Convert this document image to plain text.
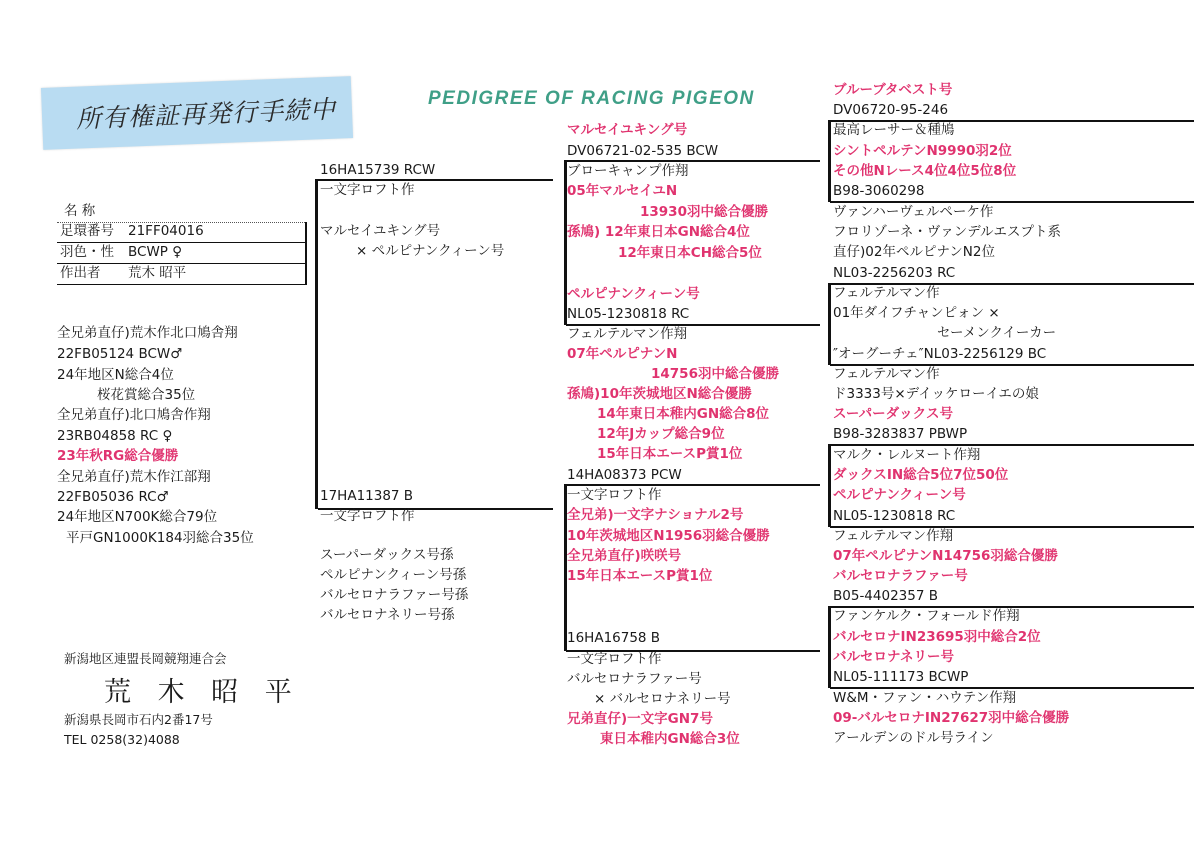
所有権証再発行手続中	PEDIGREE OF RACING PIGEON
名 称
足環番号 21FF04016
羽色・性 BCWP ♀
作出者 荒木 昭平
全兄弟直仔)荒木作北口鳩舎翔
22FB05124 BCW♂
24年地区N総合4位
桜花賞総合35位
全兄弟直仔)北口鳩舎作翔
23RB04858 RC ♀
23年秋RG総合優勝
全兄弟直仔)荒木作江部翔
22FB05036 RC♂
24年地区N700K総合79位
平戸GN1000K184羽総合35位
新潟地区連盟長岡競翔連合会
荒 木 昭 平
新潟県長岡市石内2番17号
TEL 0258(32)4088
16HA15739 RCW
一文字ロフト作
マルセイユキング号
× ペルピナンクィーン号
17HA11387 B
一文字ロフト作
スーパーダックス号孫
ペルピナンクィーン号孫
バルセロナラファー号孫
バルセロナネリー号孫
マルセイユキング号
DV06721-02-535 BCW
ブローキャンプ作翔
05年マルセイユN
13930羽中総合優勝
孫鳩) 12年東日本GN総合4位
12年東日本CH総合5位
ペルピナンクィーン号
NL05-1230818 RC
フェルテルマン作翔
07年ペルピナンN
14756羽中総合優勝
孫鳩)10年茨城地区N総合優勝
14年東日本稚内GN総合8位
12年Jカップ総合9位
15年日本エースP賞1位
14HA08373 PCW
一文字ロフト作
全兄弟)一文字ナショナル2号
10年茨城地区N1956羽総合優勝
全兄弟直仔)咲咲号
15年日本エースP賞1位
16HA16758 B
一文字ロフト作
バルセロナラファー号
× バルセロナネリー号
兄弟直仔)一文字GN7号
東日本稚内GN総合3位
ブルーブタベスト号
DV06720-95-246
最高レーサー＆種鳩
シントペルテンN9990羽2位
その他Nレース4位4位5位8位
B98-3060298
ヴァンハーヴェルペーケ作
フロリゾーネ・ヴァンデルエスプト系
直仔)02年ペルピナンN2位
NL03-2256203 RC
フェルテルマン作
01年ダイフチャンピォン ×
セーメンクイーカー
″オーグーチェ″NL03-2256129 BC
フェルテルマン作
ド3333号×デイッケローイエの娘
スーパーダックス号
B98-3283837 PBWP
マルク・レルヌート作翔
ダックスIN総合5位7位50位
ペルピナンクィーン号
NL05-1230818 RC
フェルテルマン作翔
07年ペルピナンN14756羽総合優勝
バルセロナラファー号
B05-4402357 B
ファンケルク・フォールド作翔
バルセロナIN23695羽中総合2位
バルセロナネリー号
NL05-111173 BCWP
W&M・ファン・ハウテン作翔
09-バルセロナIN27627羽中総合優勝
アールデンのドル号ライン
